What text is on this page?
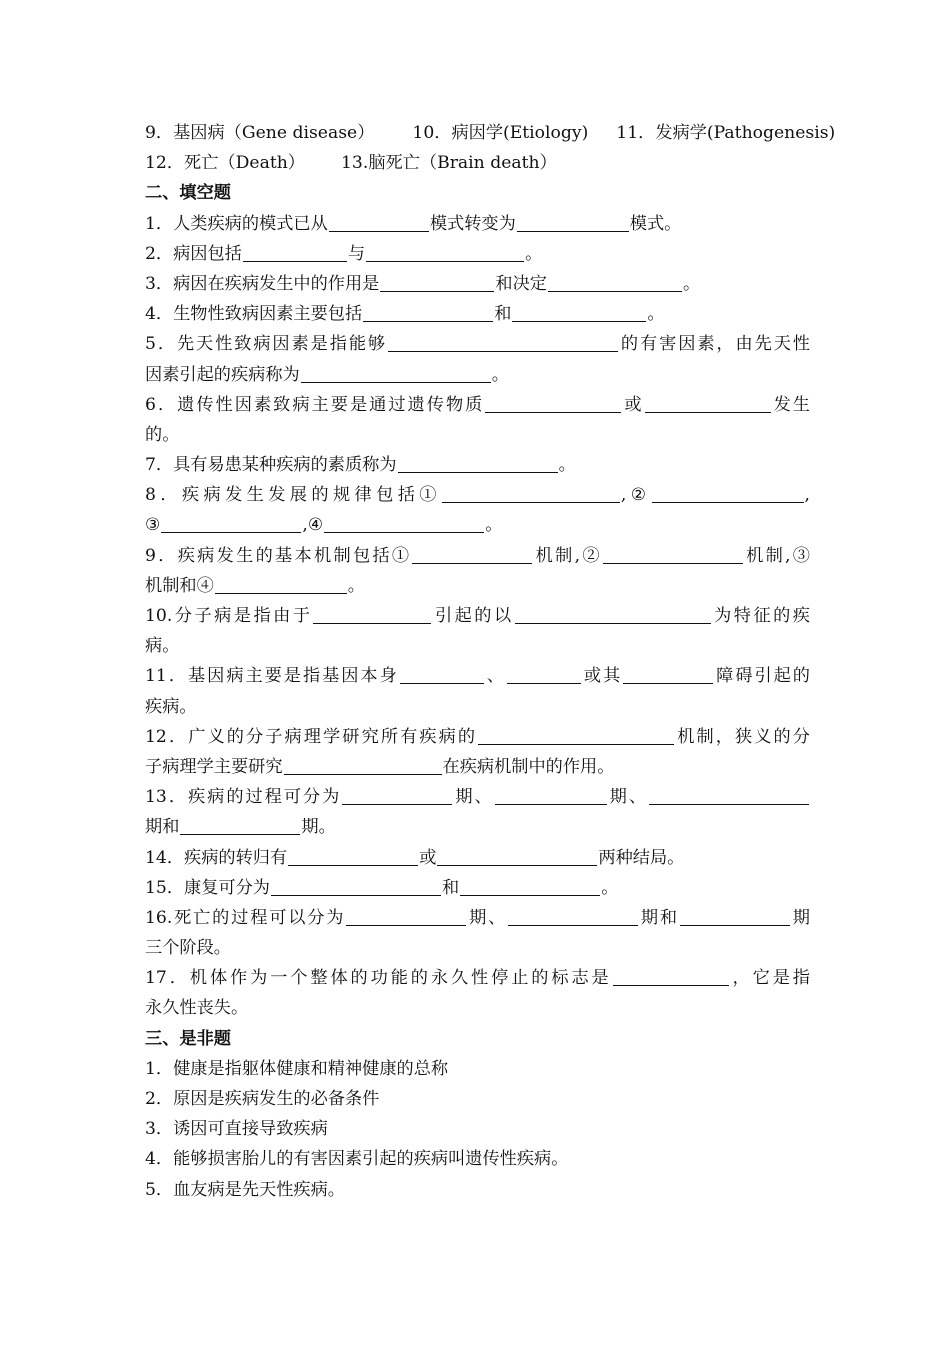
9．基因病（Gene disease） 10．病因学(Etiology) 11．发病学(Pathogenesis)
12．死亡（Death） 13.脑死亡（Brain death）
二、填空题
1．人类疾病的模式已从	模式转变为	模式。
2．病因包括	与	。
3．病因在疾病发生中的作用是	和决定	。
4．生物性致病因素主要包括	和	。
5．先天性致病因素是指能够	的有害因素，由先天性
因素引起的疾病称为	。
6．遗传性因素致病主要是通过遗传物质	或	发生
的。
7．具有易患某种疾病的素质称为	。
8．疾病发生发展的规律包括①	,②	,
③	,④	。
9．疾病发生的基本机制包括①	机制,②	机制,③
机制和④	。
10.分子病是指由于	引起的以	为特征的疾
病。
11．基因病主要是指基因本身	、	或其	障碍引起的
疾病。
12．广义的分子病理学研究所有疾病的	机制，狭义的分
子病理学主要研究	在疾病机制中的作用。
13．疾病的过程可分为	期、	期、
期和	期。
14．疾病的转归有	或	两种结局。
15．康复可分为	和	。
16.死亡的过程可以分为	期、	期和	期
三个阶段。
17．机体作为一个整体的功能的永久性停止的标志是	，它是指
永久性丧失。
三、是非题
1．健康是指躯体健康和精神健康的总称
2．原因是疾病发生的必备条件
3．诱因可直接导致疾病
4．能够损害胎儿的有害因素引起的疾病叫遗传性疾病。
5．血友病是先天性疾病。
